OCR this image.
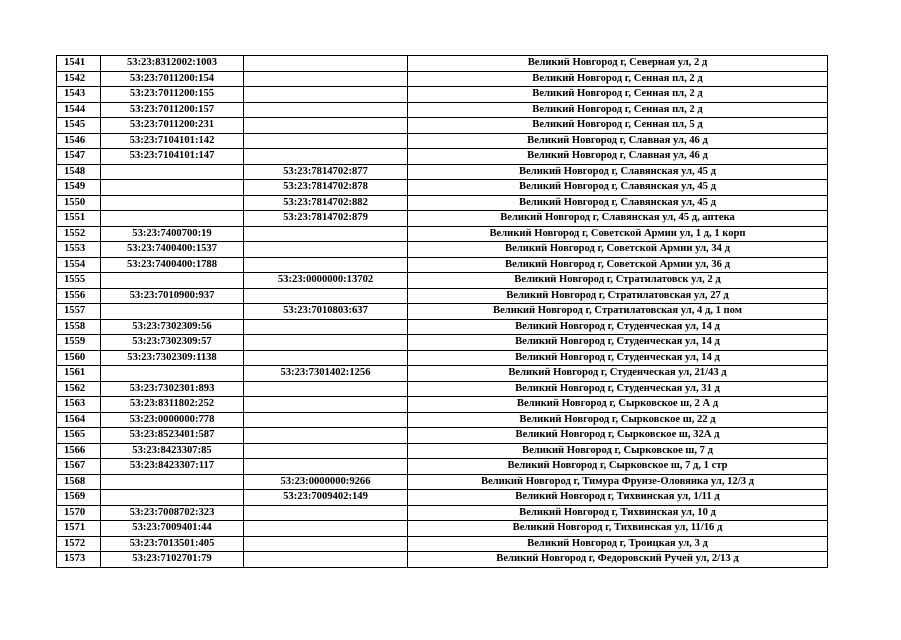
1541	53:23:8312002:1003		Великий Новгород г, Северная ул, 2 д
1542	53:23:7011200:154		Великий Новгород г, Сенная пл, 2 д
1543	53:23:7011200:155		Великий Новгород г, Сенная пл, 2 д
1544	53:23:7011200:157		Великий Новгород г, Сенная пл, 2 д
1545	53:23:7011200:231		Великий Новгород г, Сенная пл, 5 д
1546	53:23:7104101:142		Великий Новгород г, Славная ул, 46 д
1547	53:23:7104101:147		Великий Новгород г, Славная ул, 46 д
1548		53:23:7814702:877	Великий Новгород г, Славянская ул, 45 д
1549		53:23:7814702:878	Великий Новгород г, Славянская ул, 45 д
1550		53:23:7814702:882	Великий Новгород г, Славянская ул, 45 д
1551		53:23:7814702:879	Великий Новгород г, Славянская ул, 45 д, аптека
1552	53:23:7400700:19		Великий Новгород г, Советской Армии ул, 1 д, 1 корп
1553	53:23:7400400:1537		Великий Новгород г, Советской Армии ул, 34 д
1554	53:23:7400400:1788		Великий Новгород г, Советской Армии ул, 36 д
1555		53:23:0000000:13702	Великий Новгород г, Стратилатовск ул, 2 д
1556	53:23:7010900:937		Великий Новгород г, Стратилатовская ул, 27 д
1557		53:23:7010803:637	Великий Новгород г, Стратилатовская ул, 4 д, 1 пом
1558	53:23:7302309:56		Великий Новгород г, Студенческая ул, 14 д
1559	53:23:7302309:57		Великий Новгород г, Студенческая ул, 14 д
1560	53:23:7302309:1138		Великий Новгород г, Студенческая ул, 14 д
1561		53:23:7301402:1256	Великий Новгород г, Студенческая ул, 21/43 д
1562	53:23:7302301:893		Великий Новгород г, Студенческая ул, 31 д
1563	53:23:8311802:252		Великий Новгород г, Сырковское ш, 2 А д
1564	53:23:0000000:778		Великий Новгород г, Сырковское ш, 22 д
1565	53:23:8523401:587		Великий Новгород г, Сырковское ш, 32А д
1566	53:23:8423307:85		Великий Новгород г, Сырковское ш, 7 д
1567	53:23:8423307:117		Великий Новгород г, Сырковское ш, 7 д, 1 стр
1568		53:23:0000000:9266	Великий Новгород г, Тимура Фрунзе-Оловянка ул, 12/3 д
1569		53:23:7009402:149	Великий Новгород г, Тихвинская ул, 1/11 д
1570	53:23:7008702:323		Великий Новгород г, Тихвинская ул, 10 д
1571	53:23:7009401:44		Великий Новгород г, Тихвинская ул, 11/16 д
1572	53:23:7013501:405		Великий Новгород г, Троицкая ул, 3 д
1573	53:23:7102701:79		Великий Новгород г, Федоровский Ручей ул, 2/13 д
